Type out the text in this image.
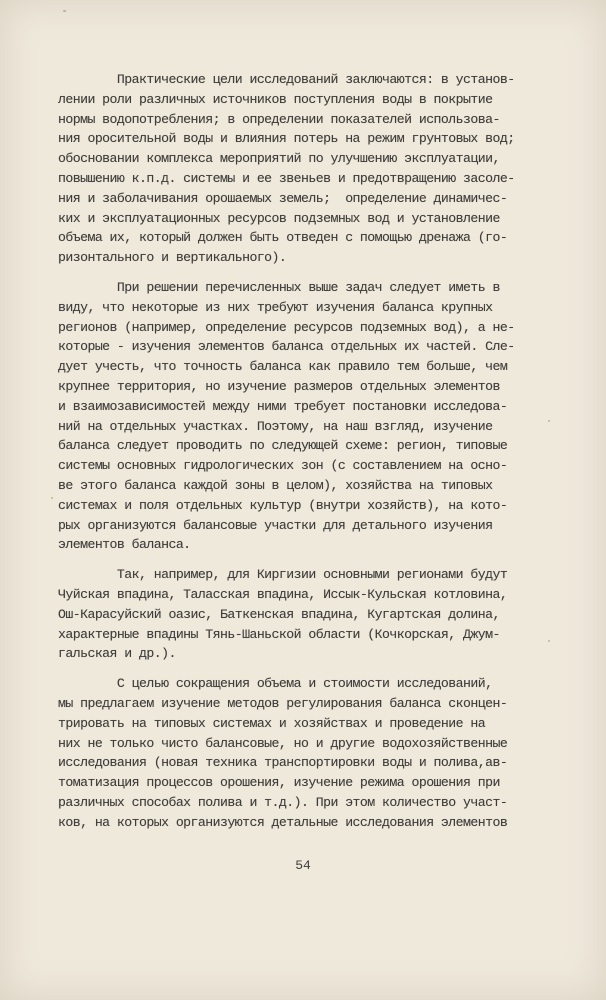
Практические цели исследований заключаются: в установ-
лении роли различных источников поступления воды в покрытие
нормы водопотребления; в определении показателей использова-
ния оросительной воды и влияния потерь на режим грунтовых вод;
обосновании комплекса мероприятий по улучшению эксплуатации,
повышению к.п.д. системы и ее звеньев и предотвращению засоле-
ния и заболачивания орошаемых земель;  определение динамичес-
ких и эксплуатационных ресурсов подземных вод и установление
объема их, который должен быть отведен с помощью дренажа (го-
ризонтального и вертикального).
При решении перечисленных выше задач следует иметь в
виду, что некоторые из них требуют изучения баланса крупных
регионов (например, определение ресурсов подземных вод), а не-
которые - изучения элементов баланса отдельных их частей. Сле-
дует учесть, что точность баланса как правило тем больше, чем
крупнее территория, но изучение размеров отдельных элементов
и взаимозависимостей между ними требует постановки исследова-
ний на отдельных участках. Поэтому, на наш взгляд, изучение
баланса следует проводить по следующей схеме: регион, типовые
системы основных гидрологических зон (с составлением на осно-
ве этого баланса каждой зоны в целом), хозяйства на типовых
системах и поля отдельных культур (внутри хозяйств), на кото-
рых организуются балансовые участки для детального изучения
элементов баланса.
Так, например, для Киргизии основными регионами будут
Чуйская впадина, Таласская впадина, Иссык-Кульская котловина,
Ош-Карасуйский оазис, Баткенская впадина, Кугартская долина,
характерные впадины Тянь-Шаньской области (Кочкорская, Джум-
гальская и др.).
С целью сокращения объема и стоимости исследований,
мы предлагаем изучение методов регулирования баланса сконцен-
трировать на типовых системах и хозяйствах и проведение на
них не только чисто балансовые, но и другие водохозяйственные
исследования (новая техника транспортировки воды и полива,ав-
томатизация процессов орошения, изучение режима орошения при
различных способах полива и т.д.). При этом количество участ-
ков, на которых организуются детальные исследования элементов
54
